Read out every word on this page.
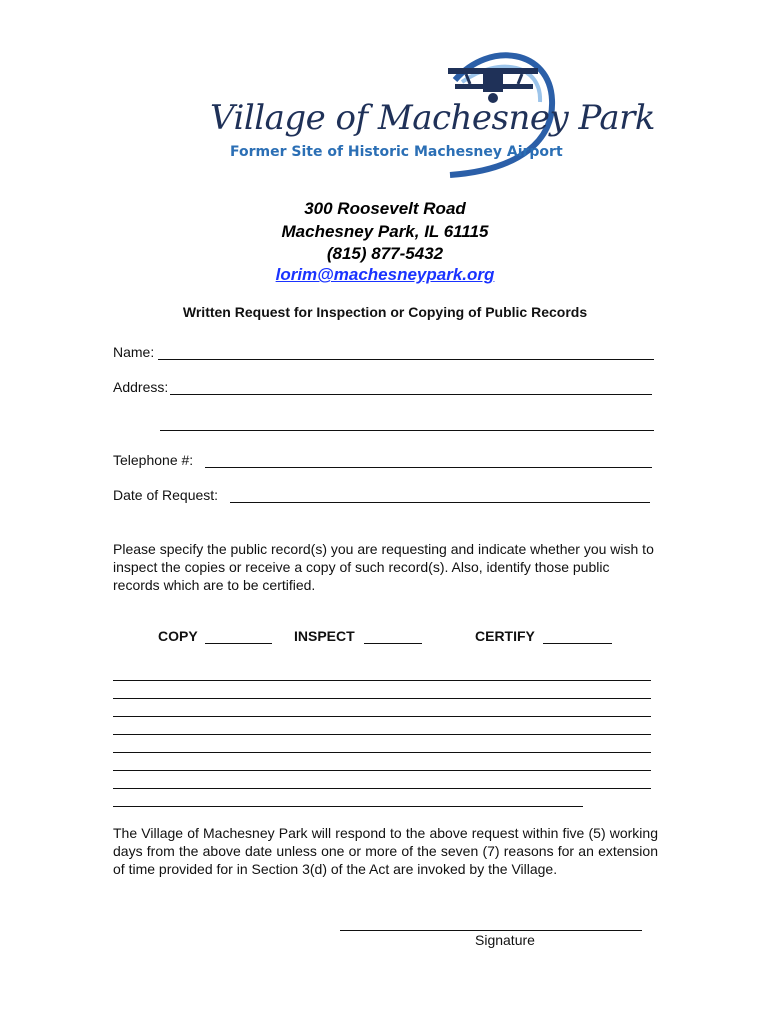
Village of Machesney Park
Former Site of Historic Machesney Airport
300 Roosevelt Road
Machesney Park, IL 61115
(815) 877-5432
lorim@machesneypark.org
Written Request for Inspection or Copying of Public Records
Name:
Address:
Telephone #:
Date of Request:
Please specify the public record(s) you are requesting and indicate whether you wish to inspect the copies or receive a copy of such record(s). Also, identify those public records which are to be certified.
COPY	INSPECT	CERTIFY
The Village of Machesney Park will respond to the above request within five (5) working days from the above date unless one or more of the seven (7) reasons for an extension of time provided for in Section 3(d) of the Act are invoked by the Village.
Signature
